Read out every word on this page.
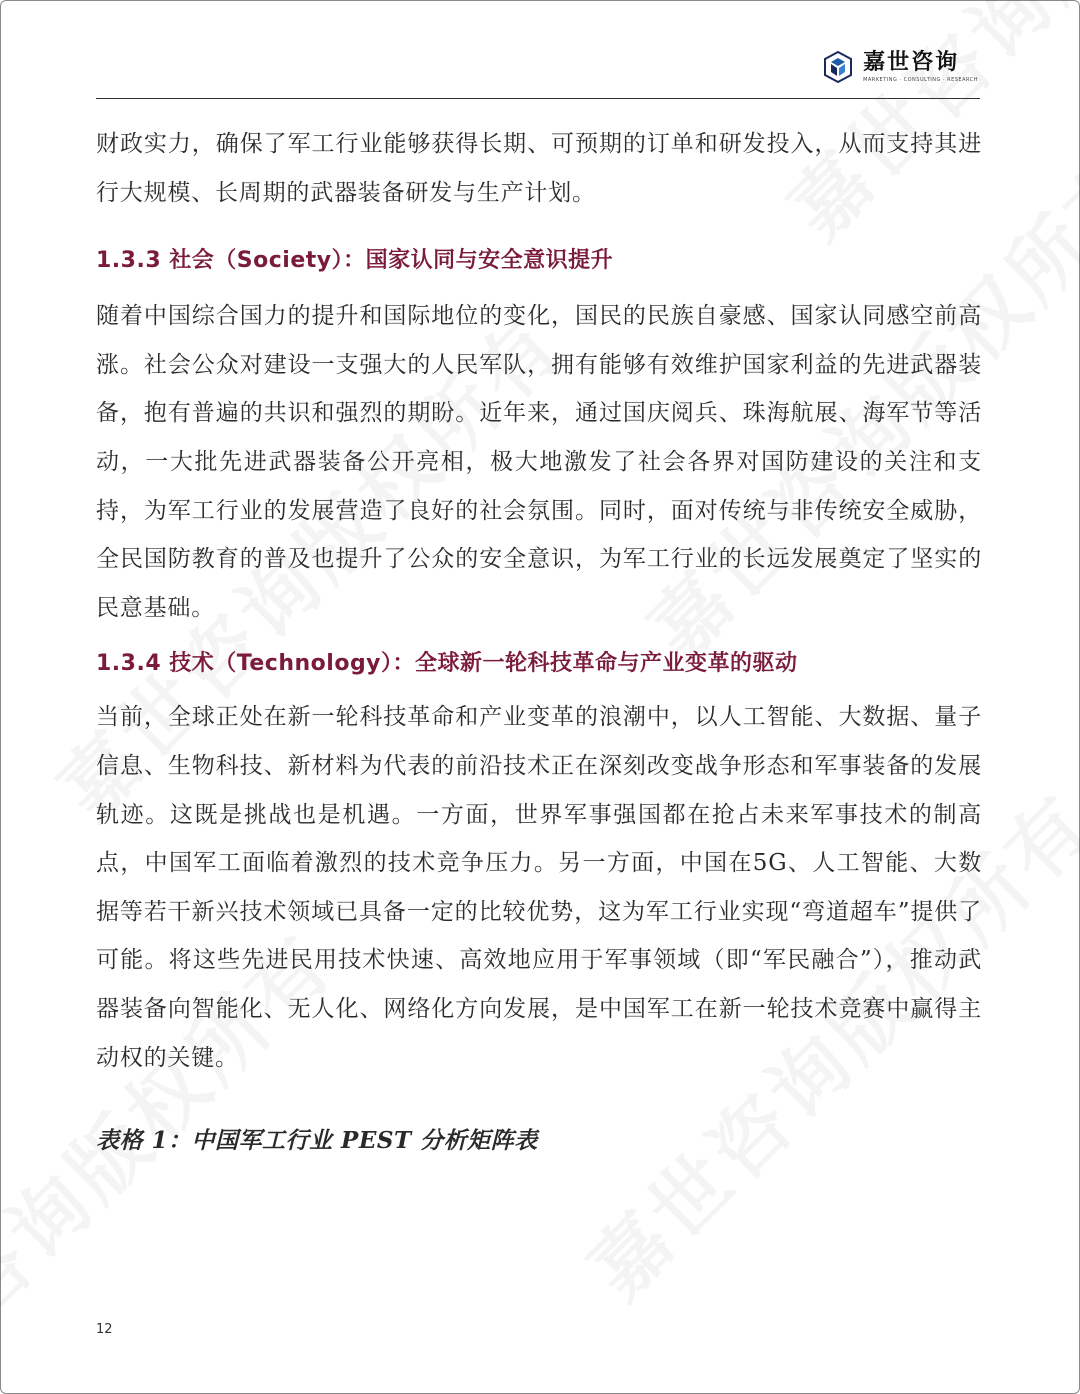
嘉世咨询
MARKETING · CONSULTING · RESEARCH

财政实力，确保了军工行业能够获得长期、可预期的订单和研发投入，从而支持其进行大规模、长周期的武器装备研发与生产计划。

1.3.3 社会（Society）：国家认同与安全意识提升

随着中国综合国力的提升和国际地位的变化，国民的民族自豪感、国家认同感空前高涨。社会公众对建设一支强大的人民军队，拥有能够有效维护国家利益的先进武器装备，抱有普遍的共识和强烈的期盼。近年来，通过国庆阅兵、珠海航展、海军节等活动，一大批先进武器装备公开亮相，极大地激发了社会各界对国防建设的关注和支持，为军工行业的发展营造了良好的社会氛围。同时，面对传统与非传统安全威胁，全民国防教育的普及也提升了公众的安全意识，为军工行业的长远发展奠定了坚实的民意基础。

1.3.4 技术（Technology）：全球新一轮科技革命与产业变革的驱动

当前，全球正处在新一轮科技革命和产业变革的浪潮中，以人工智能、大数据、量子信息、生物科技、新材料为代表的前沿技术正在深刻改变战争形态和军事装备的发展轨迹。这既是挑战也是机遇。一方面，世界军事强国都在抢占未来军事技术的制高点，中国军工面临着激烈的技术竞争压力。另一方面，中国在5G、人工智能、大数据等若干新兴技术领域已具备一定的比较优势，这为军工行业实现“弯道超车”提供了可能。将这些先进民用技术快速、高效地应用于军事领域（即“军民融合”），推动武器装备向智能化、无人化、网络化方向发展，是中国军工在新一轮技术竞赛中赢得主动权的关键。

表格 1：中国军工行业 PEST 分析矩阵表
12
